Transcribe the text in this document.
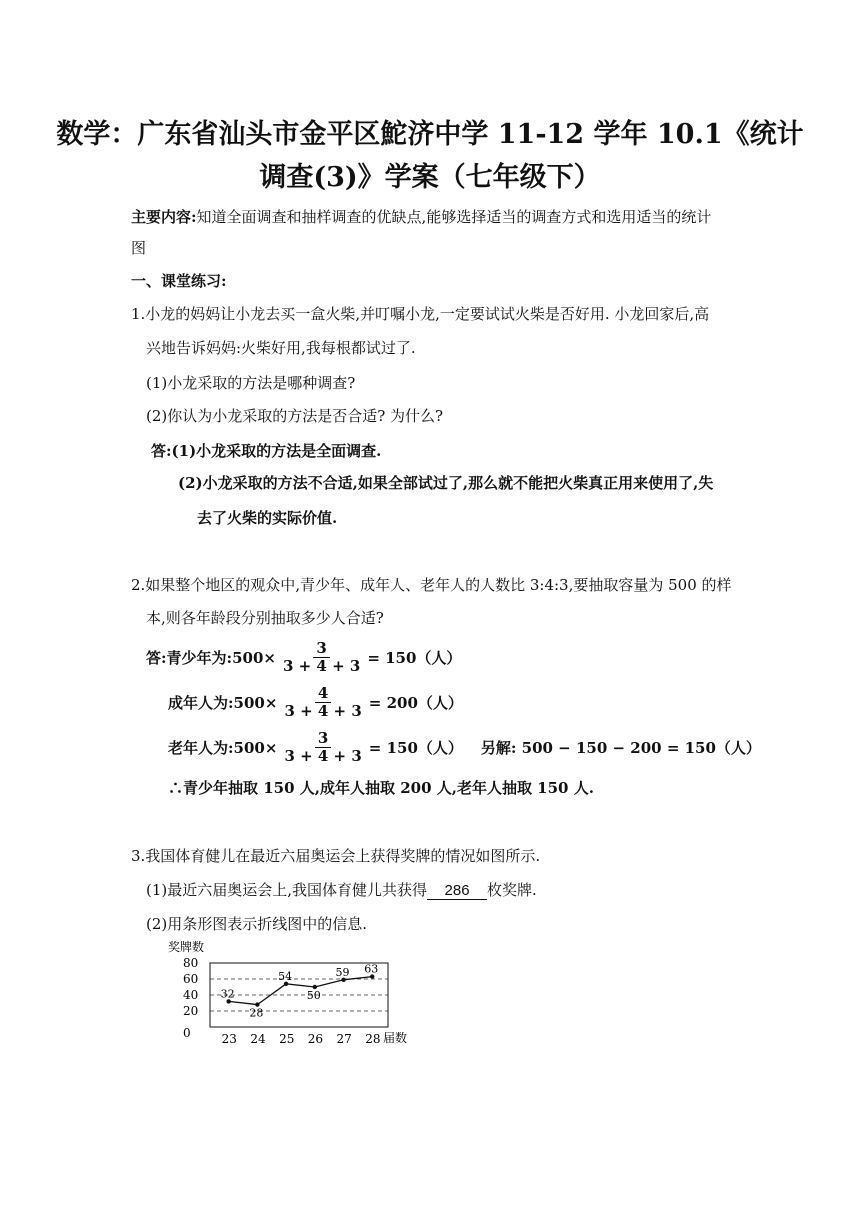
数学：广东省汕头市金平区鮀济中学 11-12 学年 10.1《统计
调查(3)》学案（七年级下）
主要内容:知道全面调查和抽样调查的优缺点,能够选择适当的调查方式和选用适当的统计
图
一、课堂练习:
1.小龙的妈妈让小龙去买一盒火柴,并叮嘱小龙,一定要试试火柴是否好用. 小龙回家后,高
兴地告诉妈妈:火柴好用,我每根都试过了.
(1)小龙采取的方法是哪种调查?
(2)你认为小龙采取的方法是否合适? 为什么?
答:(1)小龙采取的方法是全面调查.
(2)小龙采取的方法不合适,如果全部试过了,那么就不能把火柴真正用来使用了,失
去了火柴的实际价值.
2.如果整个地区的观众中,青少年、成年人、老年人的人数比 3:4:3,要抽取容量为 500 的样
本,则各年龄段分别抽取多少人合适?
答:青少年为: $500\times \frac{3}{3 + 4 + 3} = 150$（人）
成年人为: $500\times \frac{4}{3 + 4 + 3} = 200$（人）
老年人为: $500\times \frac{3}{3 + 4 + 3} = 150$（人） 另解: 500 − 150 − 200 = 150（人）
∴青少年抽取 150 人,成年人抽取 200 人,老年人抽取 150 人.
3.我国体育健儿在最近六届奥运会上获得奖牌的情况如图所示.
(1)最近六届奥运会上,我国体育健儿共获得 286 枚奖牌.
(2)用条形图表示折线图中的信息.
奖牌数
届数
80
60
40
20
0	23 24 25 26 27 28
32
28
54
50
59 63
